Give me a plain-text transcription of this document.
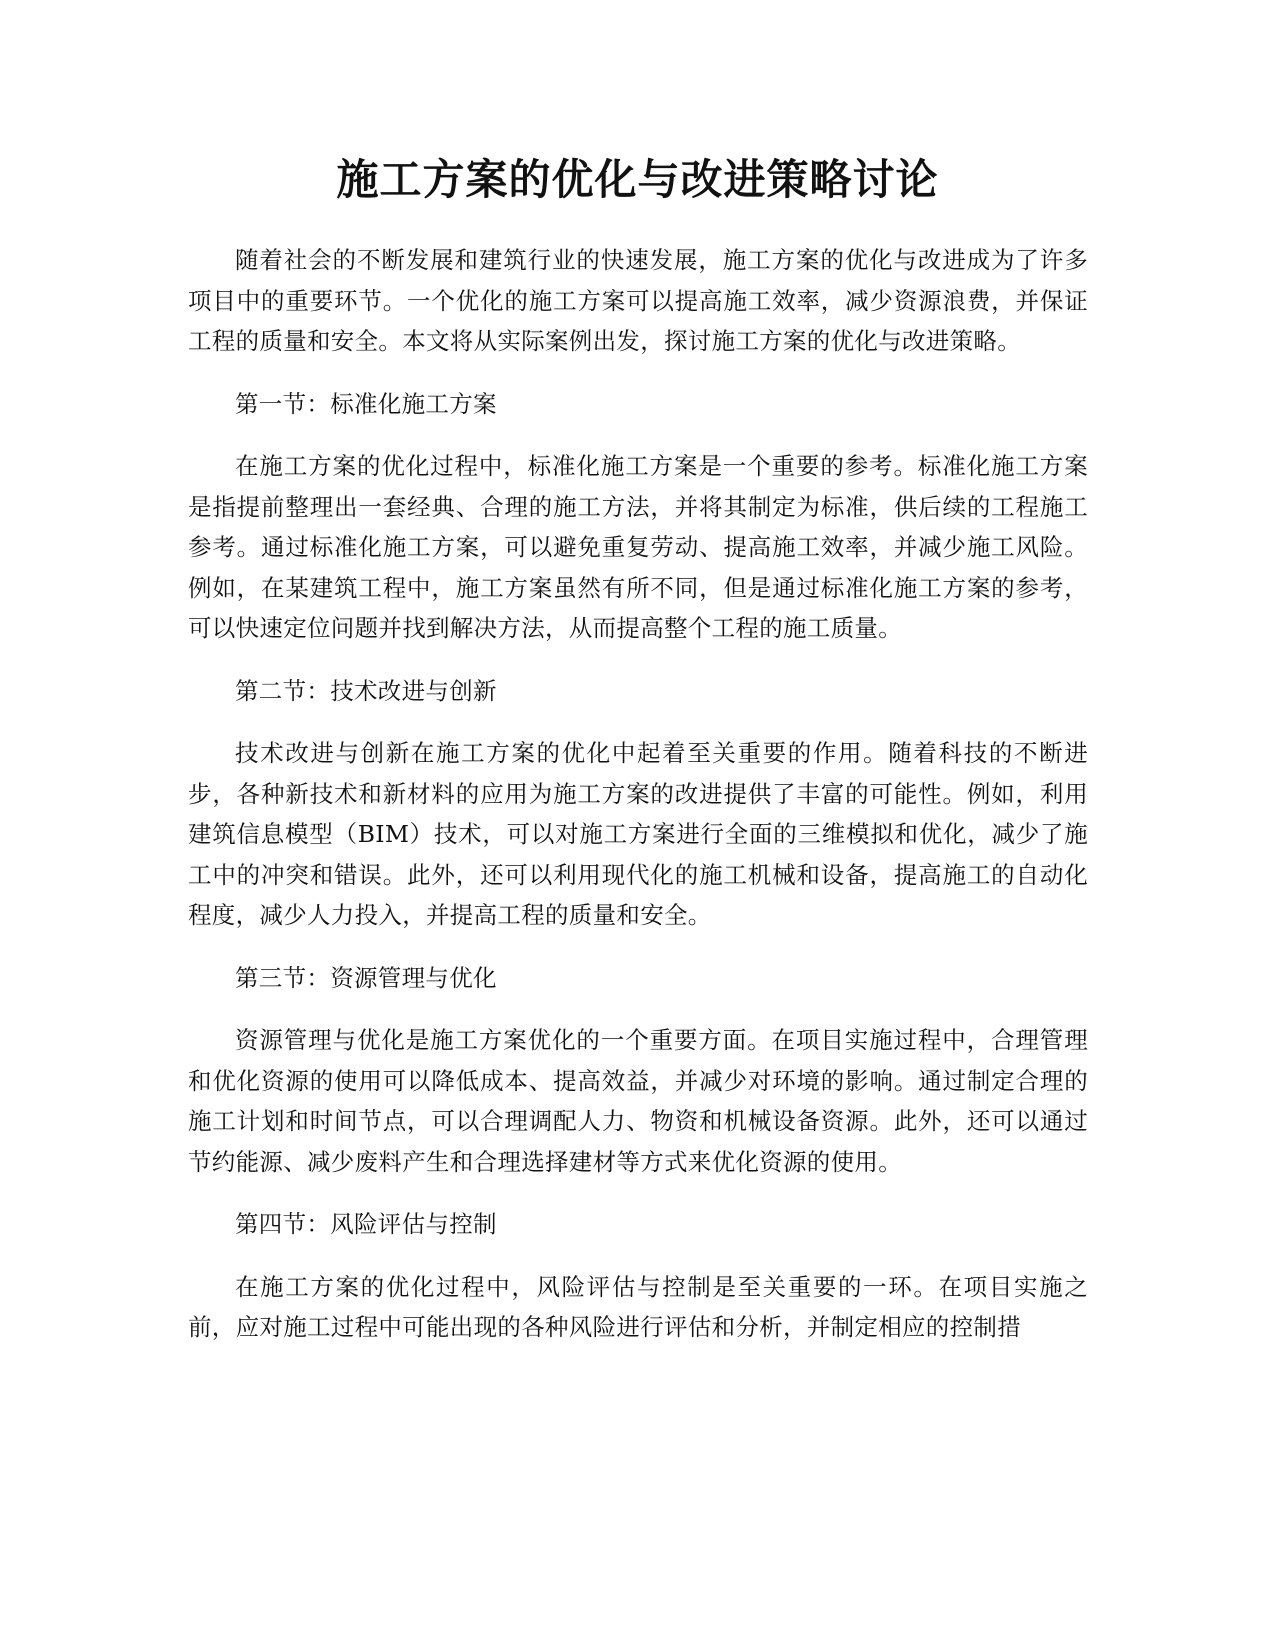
施工方案的优化与改进策略讨论

随着社会的不断发展和建筑行业的快速发展，施工方案的优化与改进成为了许多项目中的重要环节。一个优化的施工方案可以提高施工效率，减少资源浪费，并保证工程的质量和安全。本文将从实际案例出发，探讨施工方案的优化与改进策略。

第一节：标准化施工方案

在施工方案的优化过程中，标准化施工方案是一个重要的参考。标准化施工方案是指提前整理出一套经典、合理的施工方法，并将其制定为标准，供后续的工程施工参考。通过标准化施工方案，可以避免重复劳动、提高施工效率，并减少施工风险。例如，在某建筑工程中，施工方案虽然有所不同，但是通过标准化施工方案的参考，可以快速定位问题并找到解决方法，从而提高整个工程的施工质量。

第二节：技术改进与创新

技术改进与创新在施工方案的优化中起着至关重要的作用。随着科技的不断进步，各种新技术和新材料的应用为施工方案的改进提供了丰富的可能性。例如，利用建筑信息模型（BIM）技术，可以对施工方案进行全面的三维模拟和优化，减少了施工中的冲突和错误。此外，还可以利用现代化的施工机械和设备，提高施工的自动化程度，减少人力投入，并提高工程的质量和安全。

第三节：资源管理与优化

资源管理与优化是施工方案优化的一个重要方面。在项目实施过程中，合理管理和优化资源的使用可以降低成本、提高效益，并减少对环境的影响。通过制定合理的施工计划和时间节点，可以合理调配人力、物资和机械设备资源。此外，还可以通过节约能源、减少废料产生和合理选择建材等方式来优化资源的使用。

第四节：风险评估与控制

在施工方案的优化过程中，风险评估与控制是至关重要的一环。在项目实施之前，应对施工过程中可能出现的各种风险进行评估和分析，并制定相应的控制措
